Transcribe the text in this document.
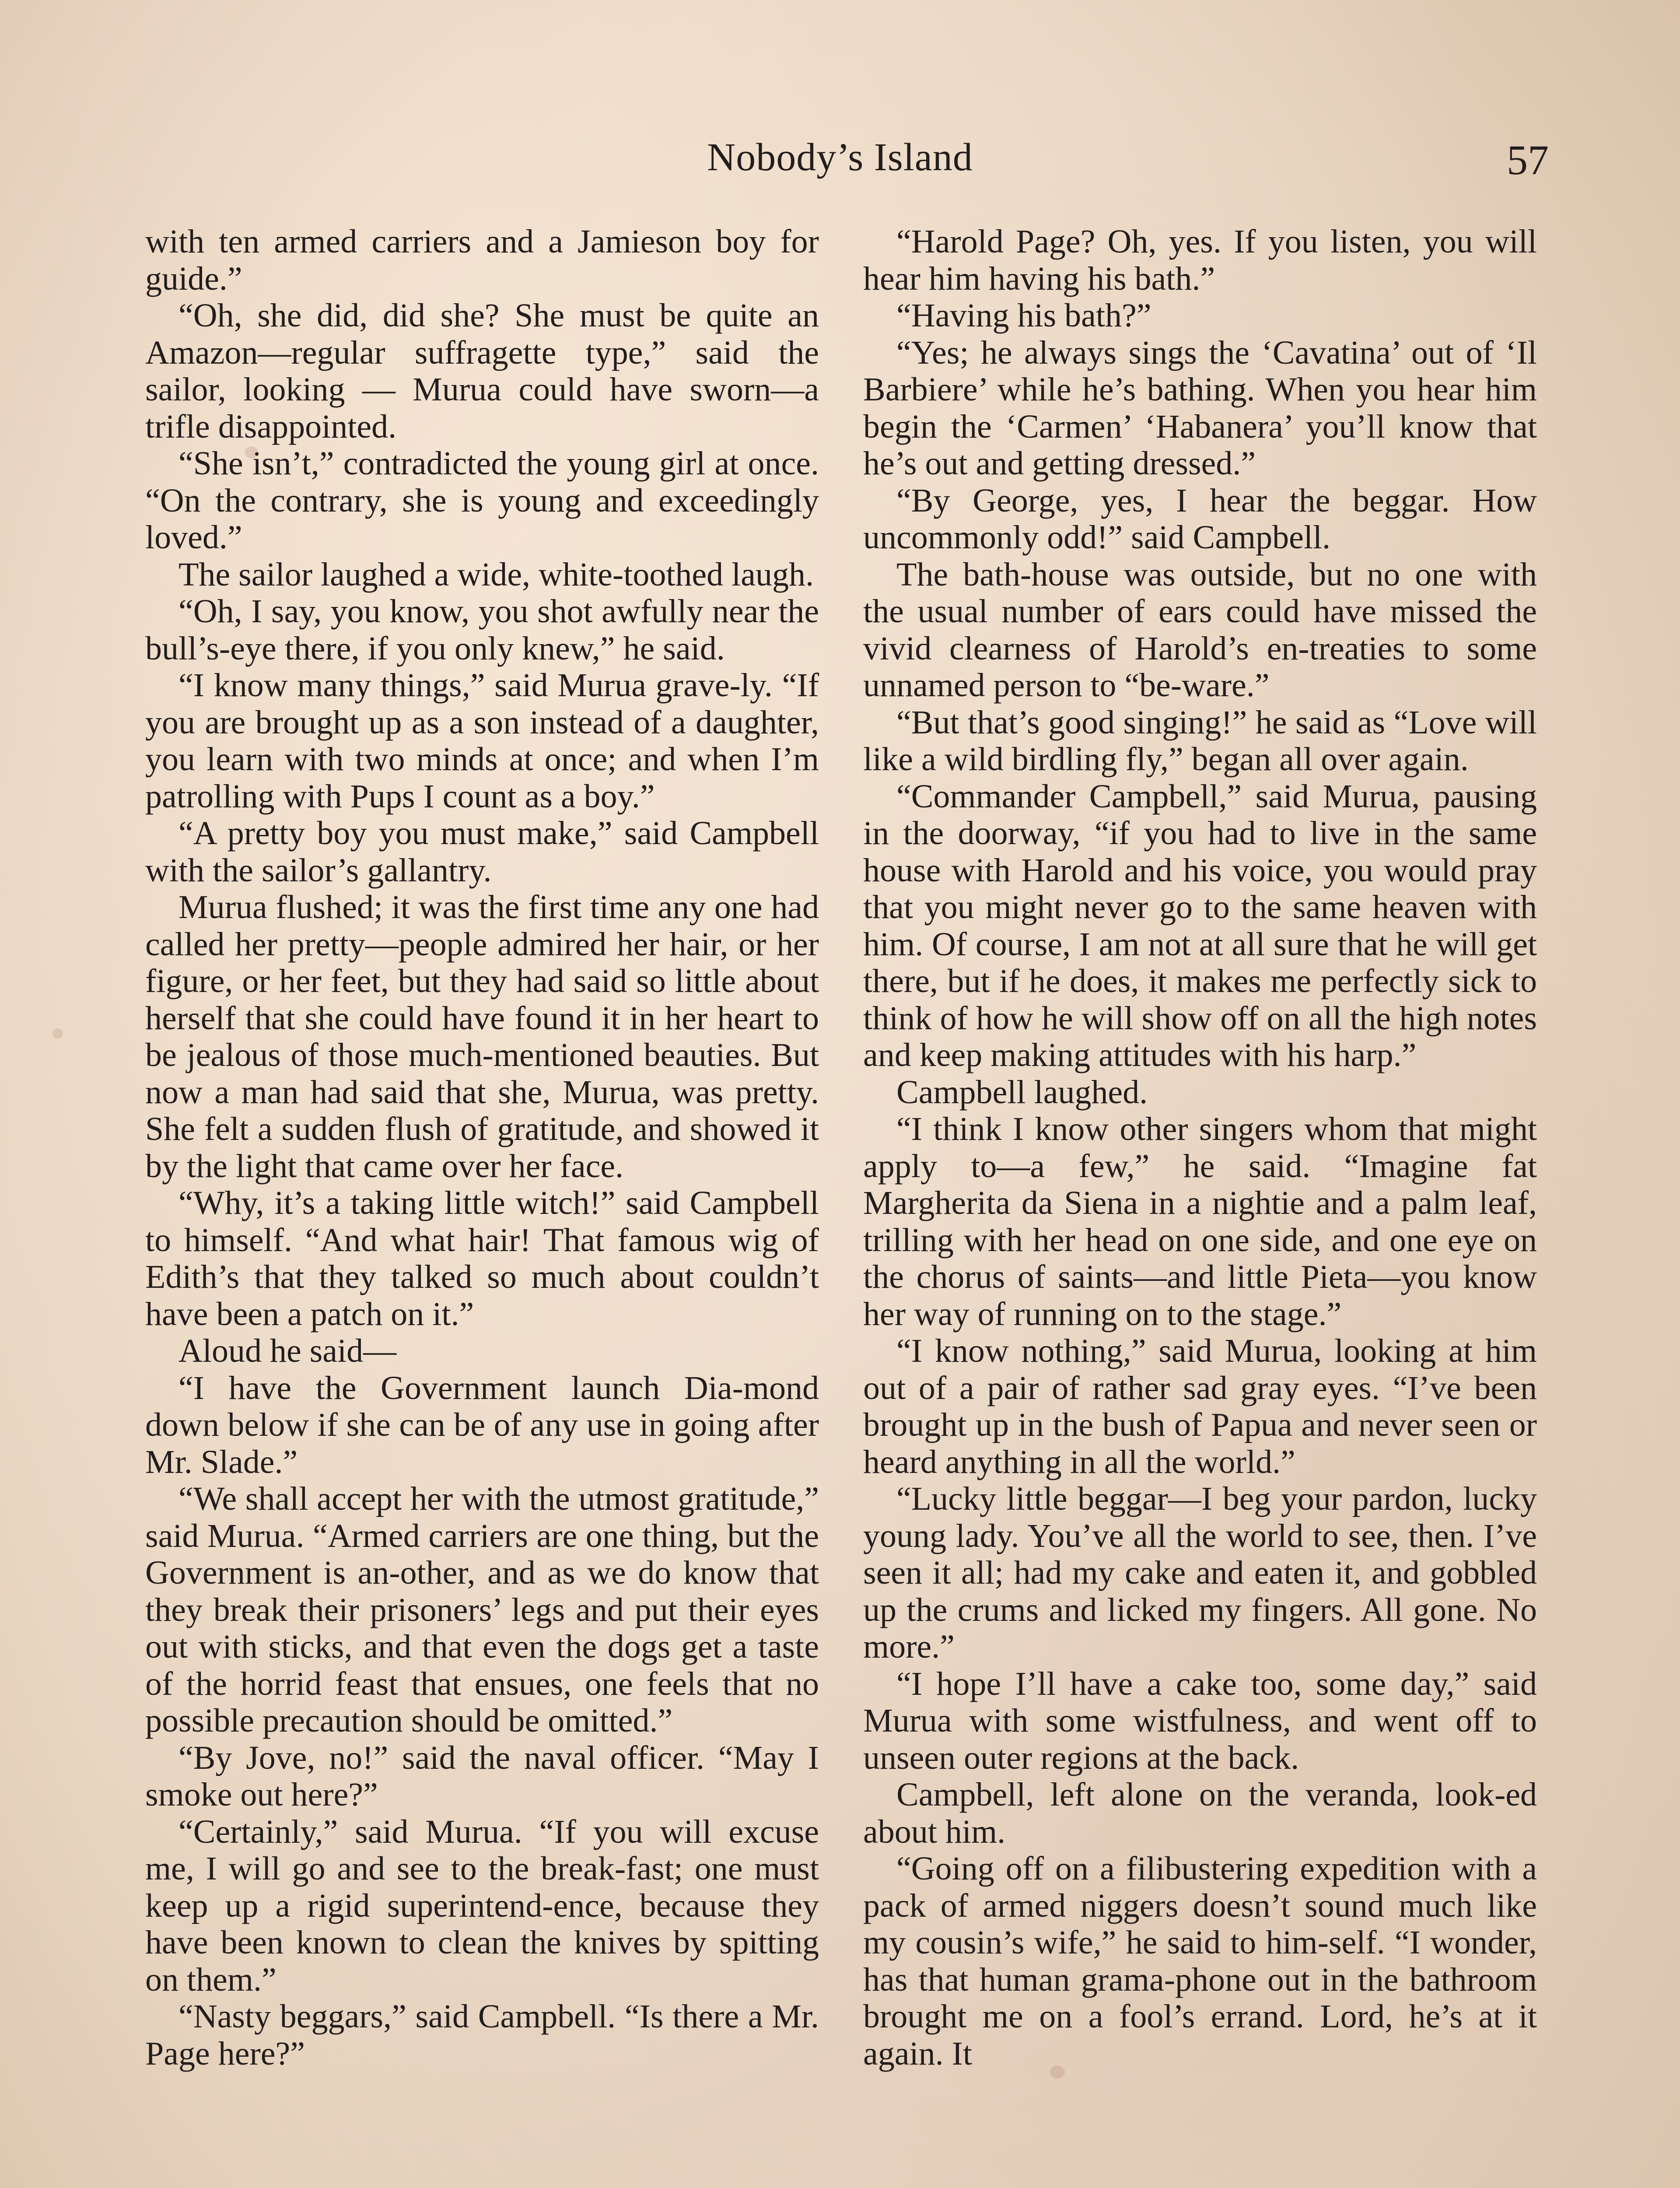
Nobody’s Island	57

with ten armed carriers and a Jamieson boy for guide.”

“Oh, she did, did she? She must be quite an Amazon—regular suffragette type,” said the sailor, looking — Murua could have sworn—a trifle disappointed.

“She isn’t,” contradicted the young girl at once. “On the contrary, she is young and exceedingly loved.”

The sailor laughed a wide, white-toothed laugh.

“Oh, I say, you know, you shot awfully near the bull’s-eye there, if you only knew,” he said.

“I know many things,” said Murua grave-ly. “If you are brought up as a son instead of a daughter, you learn with two minds at once; and when I’m patrolling with Pups I count as a boy.”

“A pretty boy you must make,” said Campbell with the sailor’s gallantry.

Murua flushed; it was the first time any one had called her pretty—people admired her hair, or her figure, or her feet, but they had said so little about herself that she could have found it in her heart to be jealous of those much-mentioned beauties. But now a man had said that she, Murua, was pretty. She felt a sudden flush of gratitude, and showed it by the light that came over her face.

“Why, it’s a taking little witch!” said Campbell to himself. “And what hair! That famous wig of Edith’s that they talked so much about couldn’t have been a patch on it.”

Aloud he said—

“I have the Government launch Dia-mond down below if she can be of any use in going after Mr. Slade.”

“We shall accept her with the utmost gratitude,” said Murua. “Armed carriers are one thing, but the Government is an-other, and as we do know that they break their prisoners’ legs and put their eyes out with sticks, and that even the dogs get a taste of the horrid feast that ensues, one feels that no possible precaution should be omitted.”

“By Jove, no!” said the naval officer. “May I smoke out here?”

“Certainly,” said Murua. “If you will excuse me, I will go and see to the break-fast; one must keep up a rigid superintend-ence, because they have been known to clean the knives by spitting on them.”

“Nasty beggars,” said Campbell. “Is there a Mr. Page here?”

“Harold Page? Oh, yes. If you listen, you will hear him having his bath.”

“Having his bath?”

“Yes; he always sings the ‘Cavatina’ out of ‘Il Barbiere’ while he’s bathing. When you hear him begin the ‘Carmen’ ‘Habanera’ you’ll know that he’s out and getting dressed.”

“By George, yes, I hear the beggar. How uncommonly odd!” said Campbell.

The bath-house was outside, but no one with the usual number of ears could have missed the vivid clearness of Harold’s en-treaties to some unnamed person to “be-ware.”

“But that’s good singing!” he said as “Love will like a wild birdling fly,” began all over again.

“Commander Campbell,” said Murua, pausing in the doorway, “if you had to live in the same house with Harold and his voice, you would pray that you might never go to the same heaven with him. Of course, I am not at all sure that he will get there, but if he does, it makes me perfectly sick to think of how he will show off on all the high notes and keep making attitudes with his harp.”

Campbell laughed.

“I think I know other singers whom that might apply to—a few,” he said. “Imagine fat Margherita da Siena in a nightie and a palm leaf, trilling with her head on one side, and one eye on the chorus of saints—and little Pieta—you know her way of running on to the stage.”

“I know nothing,” said Murua, looking at him out of a pair of rather sad gray eyes. “I’ve been brought up in the bush of Papua and never seen or heard anything in all the world.”

“Lucky little beggar—I beg your pardon, lucky young lady. You’ve all the world to see, then. I’ve seen it all; had my cake and eaten it, and gobbled up the crums and licked my fingers. All gone. No more.”

“I hope I’ll have a cake too, some day,” said Murua with some wistfulness, and went off to unseen outer regions at the back.

Campbell, left alone on the veranda, look-ed about him.

“Going off on a filibustering expedition with a pack of armed niggers doesn’t sound much like my cousin’s wife,” he said to him-self. “I wonder, has that human grama-phone out in the bathroom brought me on a fool’s errand. Lord, he’s at it again. It
